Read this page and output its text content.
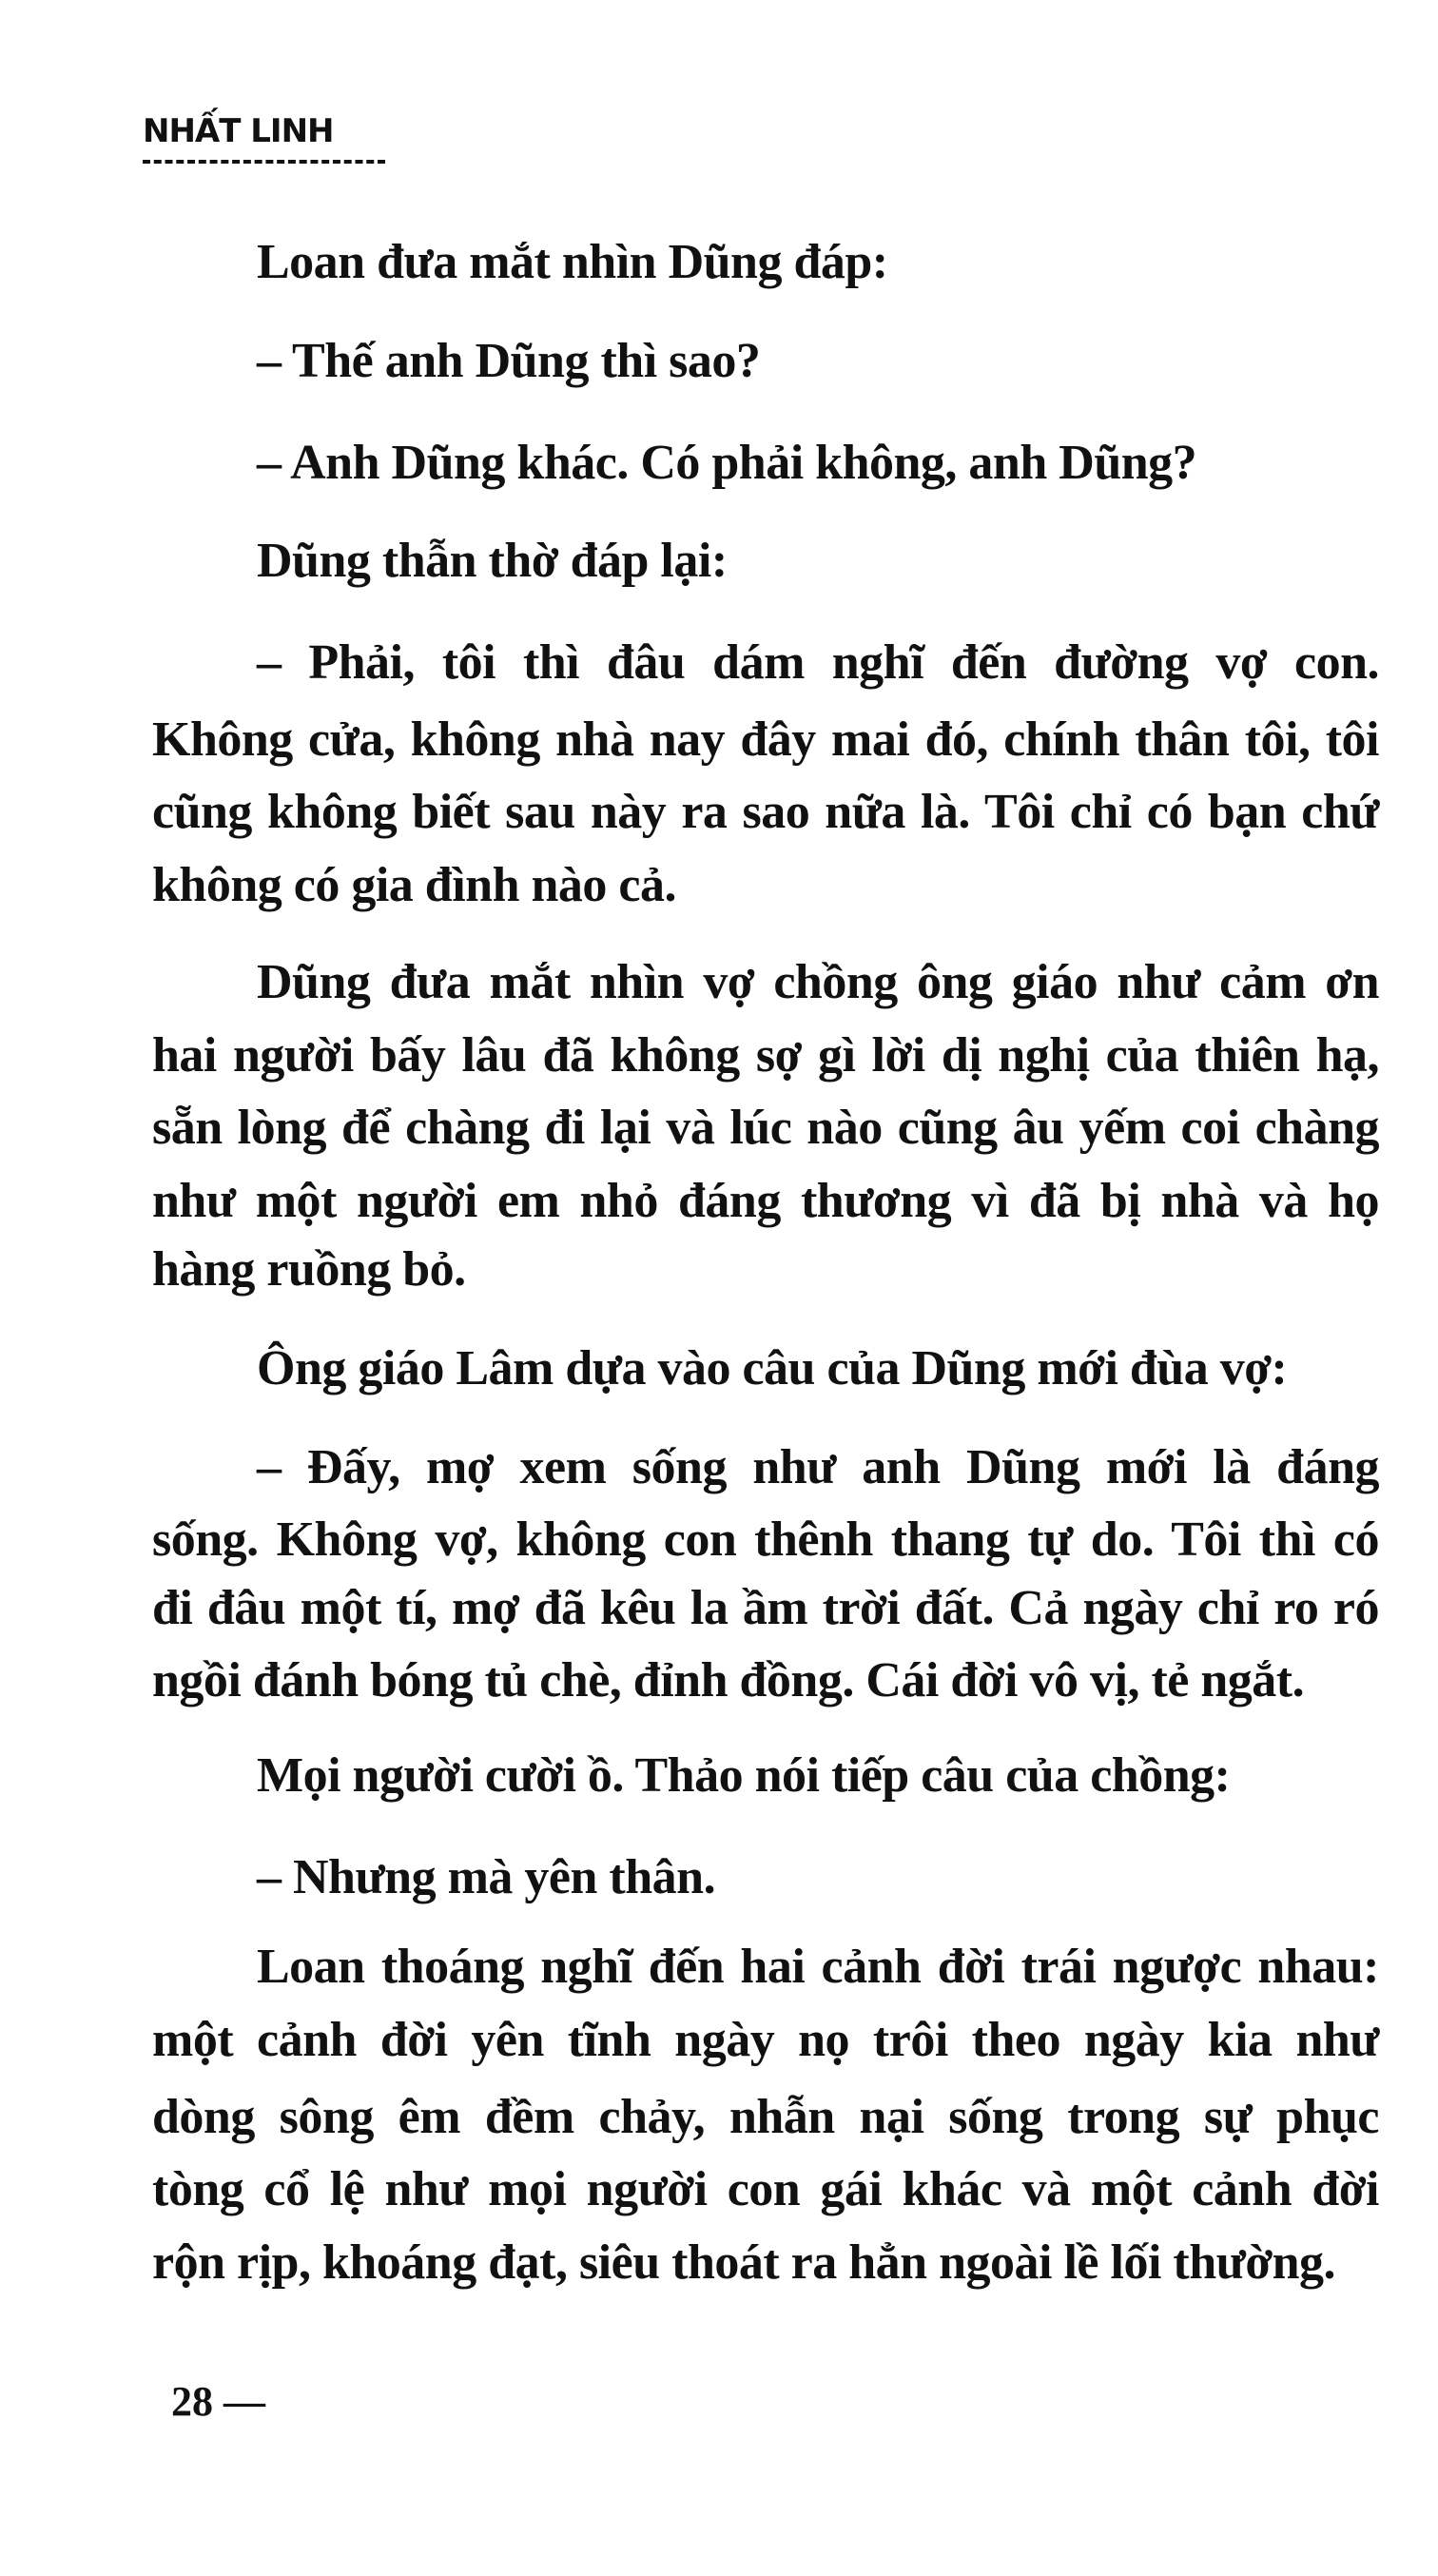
NHẤT LINH
Loan đưa mắt nhìn Dũng đáp:
– Thế anh Dũng thì sao?
– Anh Dũng khác. Có phải không, anh Dũng?
Dũng thẫn thờ đáp lại:
– Phải, tôi thì đâu dám nghĩ đến đường vợ con.
Không cửa, không nhà nay đây mai đó, chính thân tôi, tôi
cũng không biết sau này ra sao nữa là. Tôi chỉ có bạn chứ
không có gia đình nào cả.
Dũng đưa mắt nhìn vợ chồng ông giáo như cảm ơn
hai người bấy lâu đã không sợ gì lời dị nghị của thiên hạ,
sẵn lòng để chàng đi lại và lúc nào cũng âu yếm coi chàng
như một người em nhỏ đáng thương vì đã bị nhà và họ
hàng ruồng bỏ.
Ông giáo Lâm dựa vào câu của Dũng mới đùa vợ:
– Đấy, mợ xem sống như anh Dũng mới là đáng
sống. Không vợ, không con thênh thang tự do. Tôi thì có
đi đâu một tí, mợ đã kêu la ầm trời đất. Cả ngày chỉ ro ró
ngồi đánh bóng tủ chè, đỉnh đồng. Cái đời vô vị, tẻ ngắt.
Mọi người cười ồ. Thảo nói tiếp câu của chồng:
– Nhưng mà yên thân.
Loan thoáng nghĩ đến hai cảnh đời trái ngược nhau:
một cảnh đời yên tĩnh ngày nọ trôi theo ngày kia như
dòng sông êm đềm chảy, nhẫn nại sống trong sự phục
tòng cổ lệ như mọi người con gái khác và một cảnh đời
rộn rịp, khoáng đạt, siêu thoát ra hẳn ngoài lề lối thường.
28 —
